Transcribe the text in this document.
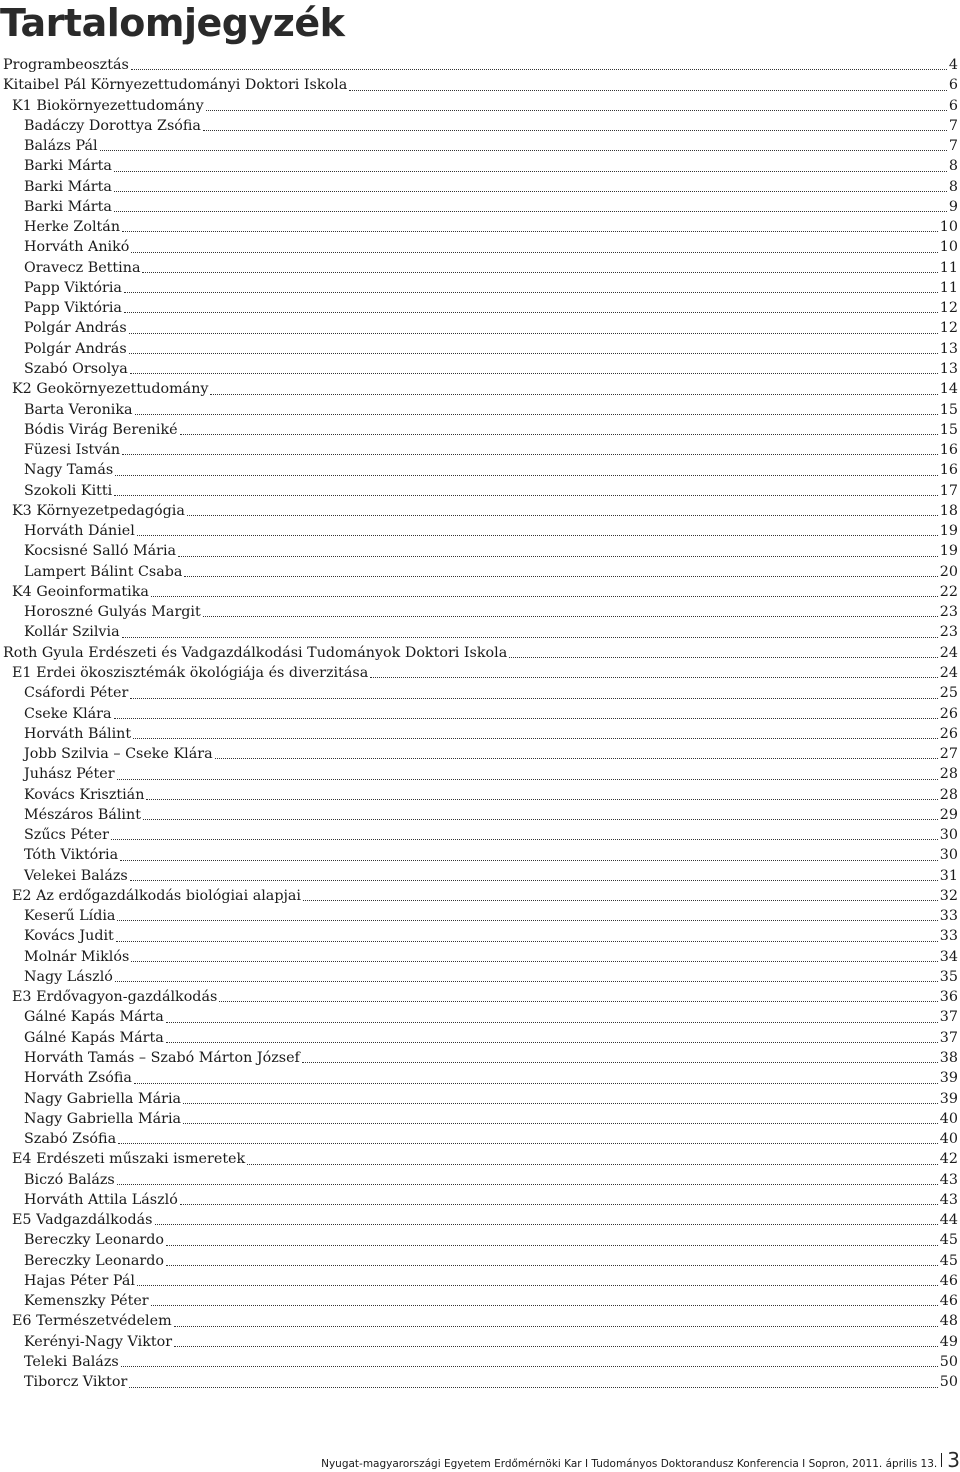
Tartalomjegyzék
Programbeosztás	4
Kitaibel Pál Környezettudományi Doktori Iskola	6
K1 Biokörnyezettudomány	6
Badáczy Dorottya Zsófia	7
Balázs Pál	7
Barki Márta	8
Barki Márta	8
Barki Márta	9
Herke Zoltán	10
Horváth Anikó	10
Oravecz Bettina	11
Papp Viktória	11
Papp Viktória	12
Polgár András	12
Polgár András	13
Szabó Orsolya	13
K2 Geokörnyezettudomány	14
Barta Veronika	15
Bódis Virág Bereniké	15
Füzesi István	16
Nagy Tamás	16
Szokoli Kitti	17
K3 Környezetpedagógia	18
Horváth Dániel	19
Kocsisné Salló Mária	19
Lampert Bálint Csaba	20
K4 Geoinformatika	22
Horoszné Gulyás Margit	23
Kollár Szilvia	23
Roth Gyula Erdészeti és Vadgazdálkodási Tudományok Doktori Iskola	24
E1 Erdei ökoszisztémák ökológiája és diverzitása	24
Csáfordi Péter	25
Cseke Klára	26
Horváth Bálint	26
Jobb Szilvia – Cseke Klára	27
Juhász Péter	28
Kovács Krisztián	28
Mészáros Bálint	29
Szűcs Péter	30
Tóth Viktória	30
Velekei Balázs	31
E2 Az erdőgazdálkodás biológiai alapjai	32
Keserű Lídia	33
Kovács Judit	33
Molnár Miklós	34
Nagy László	35
E3 Erdővagyon-gazdálkodás	36
Gálné Kapás Márta	37
Gálné Kapás Márta	37
Horváth Tamás – Szabó Márton József	38
Horváth Zsófia	39
Nagy Gabriella Mária	39
Nagy Gabriella Mária	40
Szabó Zsófia	40
E4 Erdészeti műszaki ismeretek	42
Biczó Balázs	43
Horváth Attila László	43
E5 Vadgazdálkodás	44
Bereczky Leonardo	45
Bereczky Leonardo	45
Hajas Péter Pál	46
Kemenszky Péter	46
E6 Természetvédelem	48
Kerényi-Nagy Viktor	49
Teleki Balázs	50
Tiborcz Viktor	50
Nyugat-magyarországi Egyetem Erdőmérnöki Kar I Tudományos Doktorandusz Konferencia I Sopron, 2011. április 13. 3
